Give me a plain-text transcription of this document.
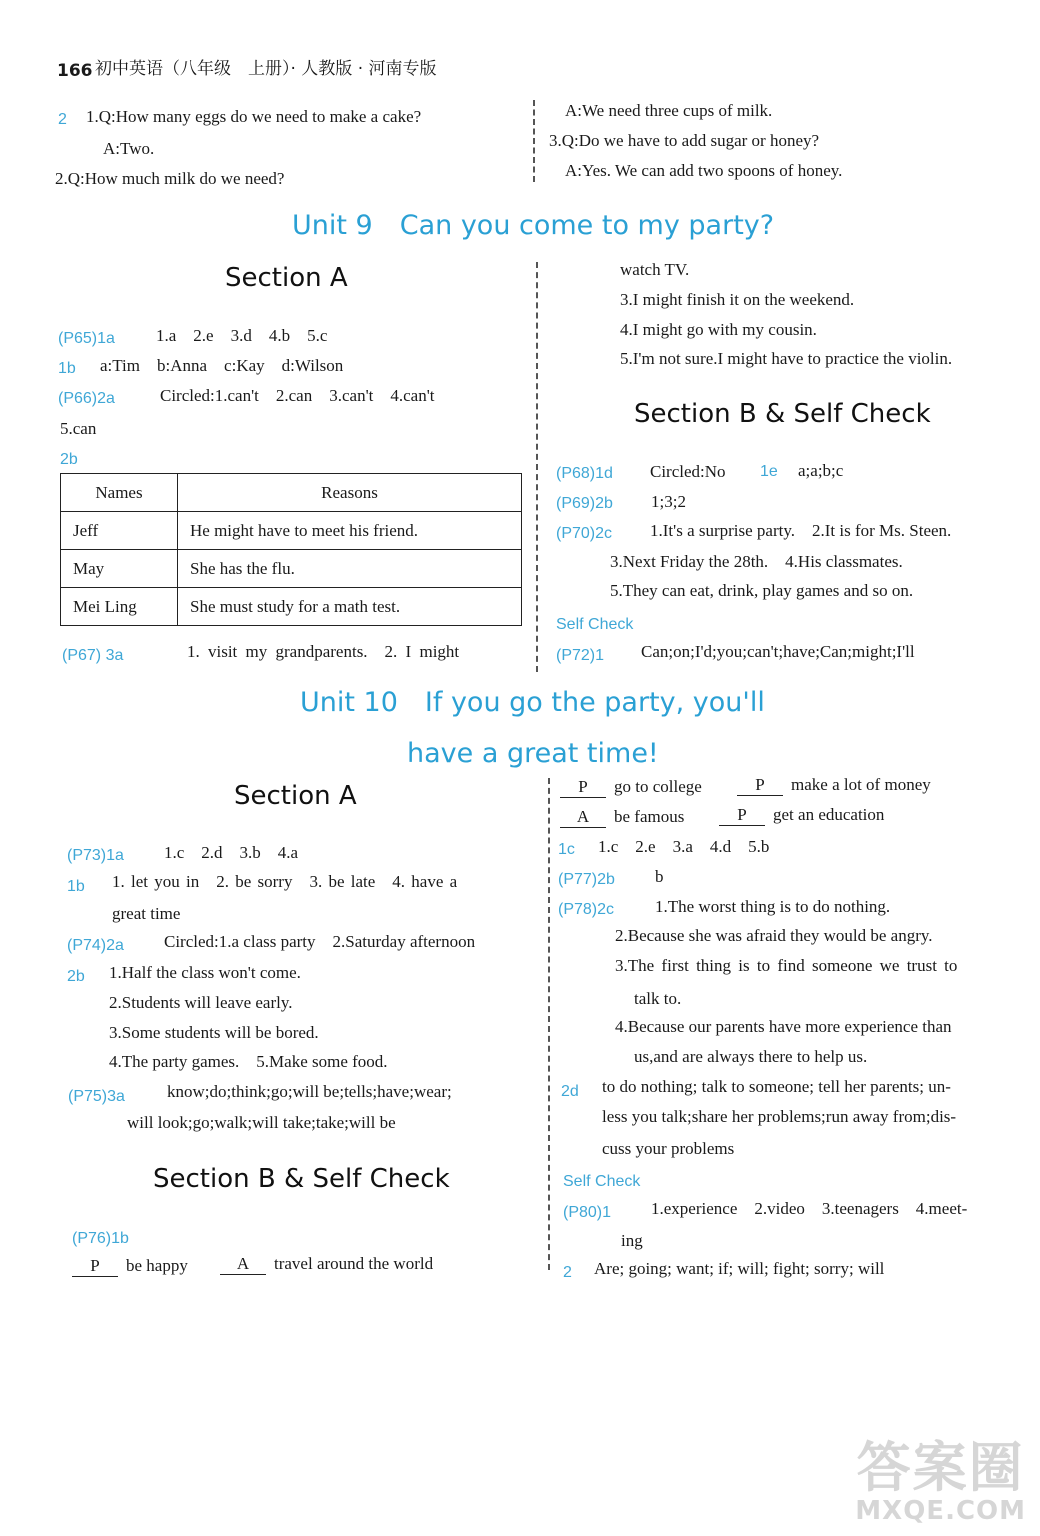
166 初中英语（八年级　上册）· 人教版 · 河南专版
2 1.Q:How many eggs do we need to make a cake?
A:Two.
2.Q:How much milk do we need?
A:We need three cups of milk.
3.Q:Do we have to add sugar or honey?
A:Yes. We can add two spoons of honey.
Unit 9　Can you come to my party?
Section A
(P65)1a 1.a　2.e　3.d　4.b　5.c
1b a:Tim　b:Anna　c:Kay　d:Wilson
(P66)2a	Circled:1.can't　2.can　3.can't　4.can't
5.can
2b
Names	Reasons
Jeff	He might have to meet his friend.
May	She has the flu.
Mei Ling	She must study for a math test.
(P67) 3a	1. visit my grandparents.　2. I might
watch TV.
3.I might finish it on the weekend.
4.I might go with my cousin.
5.I'm not sure.I might have to practice the violin.
Section B & Self Check
(P68)1d Circled:No 1e a;a;b;c
(P69)2b 1;3;2
(P70)2c 1.It's a surprise party.　2.It is for Ms. Steen.
3.Next Friday the 28th.　4.His classmates.
5.They can eat, drink, play games and so on.
Self Check
(P72)1 Can;on;I'd;you;can't;have;Can;might;I'll
Unit 10　If you go the party, you'll
have a great time!
Section A
(P73)1a 1.c　2.d　3.b　4.a
1b 1. let you in　2. be sorry　3. be late　4. have a
great time
(P74)2a Circled:1.a class party　2.Saturday afternoon
2b 1.Half the class won't come.
2.Students will leave early.
3.Some students will be bored.
4.The party games.　5.Make some food.
(P75)3a know;do;think;go;will be;tells;have;wear;
will look;go;walk;will take;take;will be
Section B & Self Check
(P76)1b
P be happy	A travel around the world
P go to college	P make a lot of money
A be famous	P get an education
1c 1.c　2.e　3.a　4.d　5.b
(P77)2b b
(P78)2c 1.The worst thing is to do nothing.
2.Because she was afraid they would be angry.
3.The first thing is to find someone we trust to
talk to.
4.Because our parents have more experience than
us,and are always there to help us.
2d to do nothing; talk to someone; tell her parents; un-
less you talk;share her problems;run away from;dis-
cuss your problems
Self Check
(P80)1 1.experience　2.video　3.teenagers　4.meet-
ing
2 Are; going; want; if; will; fight; sorry; will
答案圈
MXQE.COM
